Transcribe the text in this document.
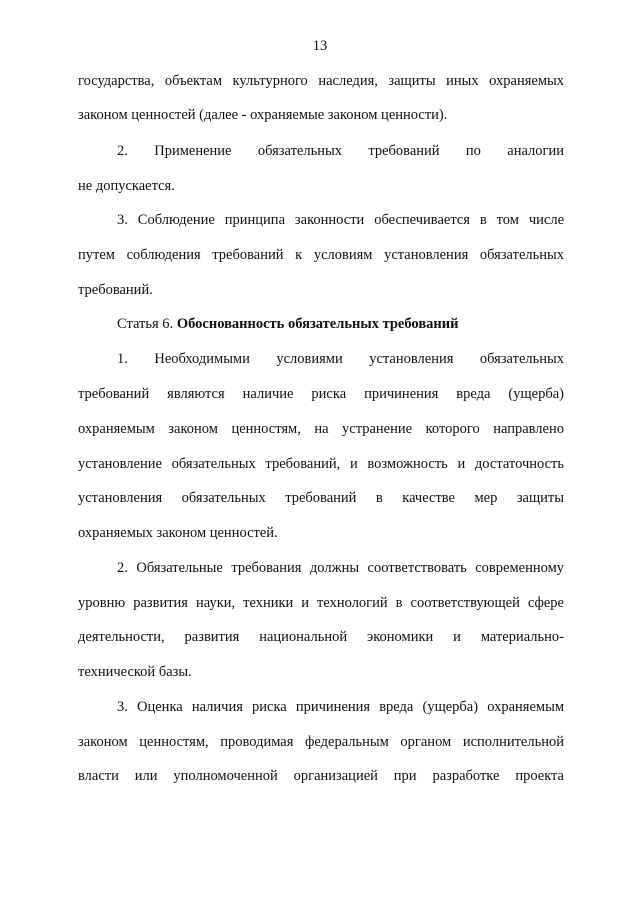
13
государства, объектам культурного наследия, защиты иных охраняемых
законом ценностей (далее - охраняемые законом ценности).
2. Применение обязательных требований по аналогии
не допускается.
3. Соблюдение принципа законности обеспечивается в том числе
путем соблюдения требований к условиям установления обязательных
требований.
Статья 6. Обоснованность обязательных требований
1. Необходимыми условиями установления обязательных
требований являются наличие риска причинения вреда (ущерба)
охраняемым законом ценностям, на устранение которого направлено
установление обязательных требований, и возможность и достаточность
установления обязательных требований в качестве мер защиты
охраняемых законом ценностей.
2. Обязательные требования должны соответствовать современному
уровню развития науки, техники и технологий в соответствующей сфере
деятельности, развития национальной экономики и материально-
технической базы.
3. Оценка наличия риска причинения вреда (ущерба) охраняемым
законом ценностям, проводимая федеральным органом исполнительной
власти или уполномоченной организацией при разработке проекта
